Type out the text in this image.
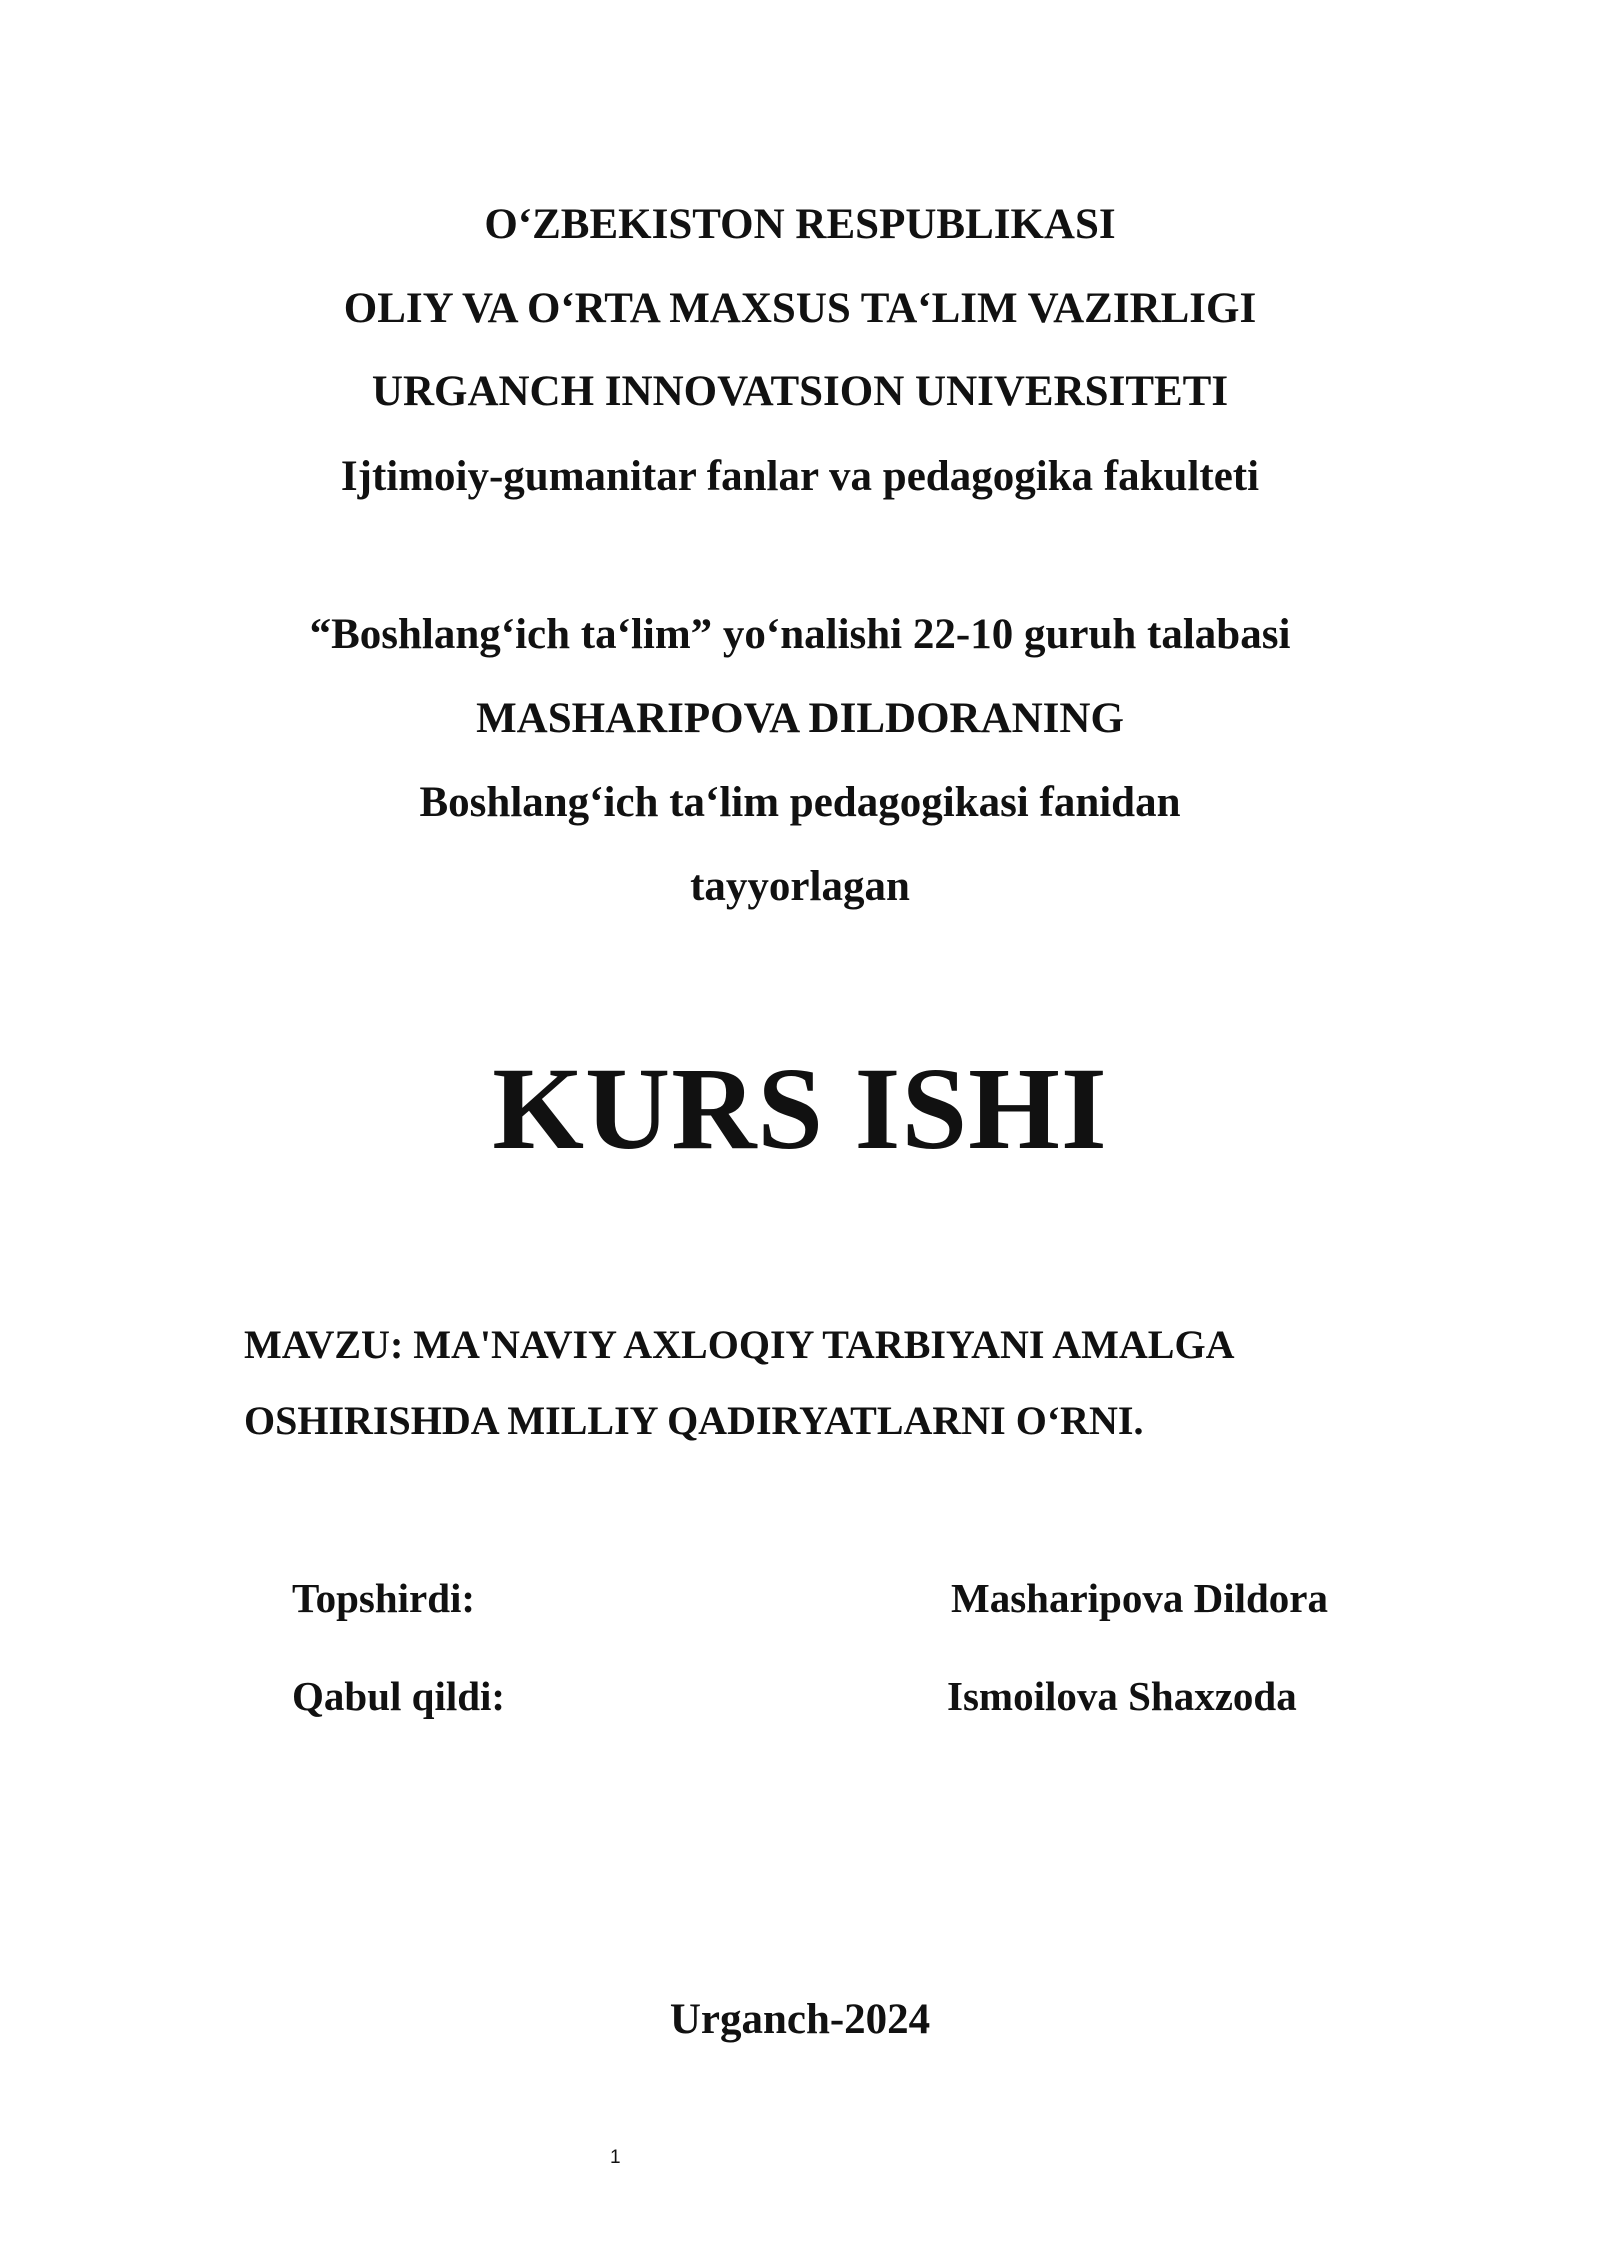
O‘ZBEKISTON RESPUBLIKASI
OLIY VA O‘RTA MAXSUS TA‘LIM VAZIRLIGI
URGANCH INNOVATSION UNIVERSITETI
Ijtimoiy-gumanitar fanlar va pedagogika fakulteti
“Boshlang‘ich ta‘lim” yo‘nalishi 22-10 guruh talabasi
MASHARIPOVA DILDORANING
Boshlang‘ich ta‘lim pedagogikasi fanidan
tayyorlagan
KURS ISHI
MAVZU: MA'NAVIY AXLOQIY TARBIYANI AMALGA
OSHIRISHDA MILLIY QADIRYATLARNI O‘RNI.
Topshirdi:	Masharipova Dildora
Qabul qildi:	Ismoilova Shaxzoda
Urganch-2024
1
